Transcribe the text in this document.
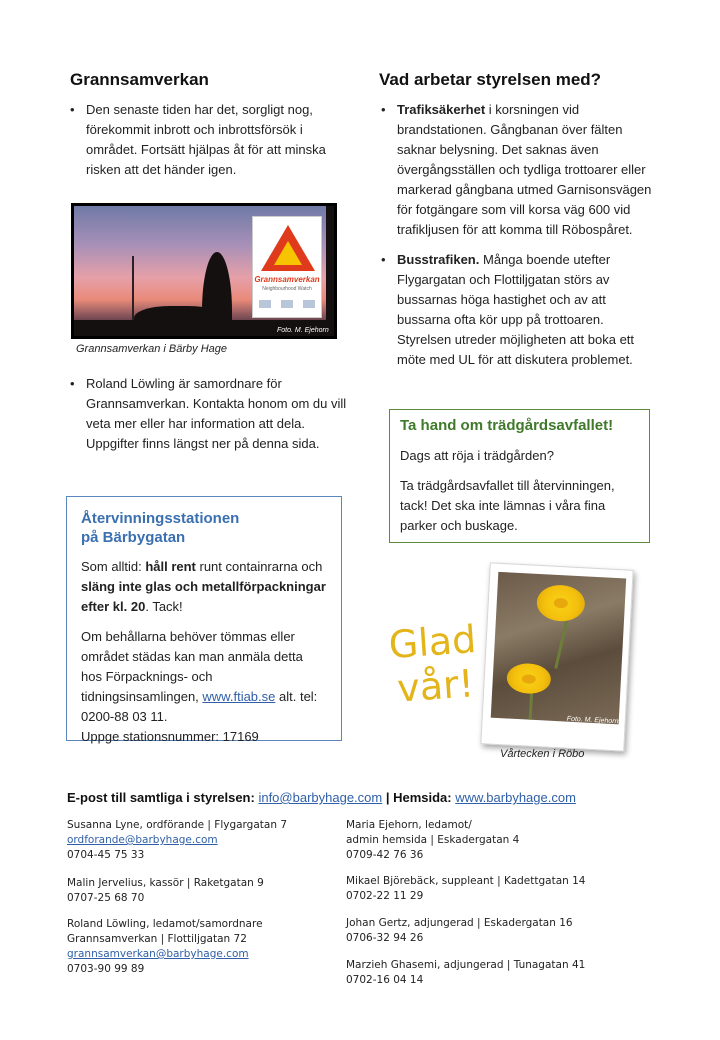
Grannsamverkan
• Den senaste tiden har det, sorgligt nog, förekommit inbrott och inbrottsförsök i området. Fortsätt hjälpas åt för att minska risken att det händer igen.
Grannsamverkan
Neighbourhood Watch
Foto. M. Ejehorn
Grannsamverkan i Bärby Hage
• Roland Löwling är samordnare för Grannsamverkan. Kontakta honom om du vill veta mer eller har information att dela. Uppgifter finns längst ner på denna sida.
Återvinningsstationen
på Bärbygatan

Som alltid: håll rent runt containrarna och släng inte glas och metallförpackningar efter kl. 20. Tack!

Om behållarna behöver tömmas eller området städas kan man anmäla detta hos Förpacknings- och tidningsinsamlingen, www.ftiab.se alt. tel: 0200-88 03 11.
Uppge stationsnummer: 17169

Vad arbetar styrelsen med?
• Trafiksäkerhet i korsningen vid brandstationen. Gångbanan över fälten saknar belysning. Det saknas även övergångsställen och tydliga trottoarer eller markerad gångbana utmed Garnisonsvägen för fotgängare som vill korsa väg 600 vid trafikljusen för att komma till Röbospåret.
• Busstrafiken. Många boende utefter Flygargatan och Flottiljgatan störs av bussarnas höga hastighet och av att bussarna ofta kör upp på trottoaren. Styrelsen utreder möjligheten att boka ett möte med UL för att diskutera problemet.
Ta hand om trädgårdsavfallet!

Dags att röja i trädgården?

Ta trädgårdsavfallet till återvinningen, tack! Det ska inte lämnas i våra fina parker och buskage.

Glad
vår!
Foto. M. Ejehorn
Vårtecken i Röbo
E-post till samtliga i styrelsen: info@barbyhage.com | Hemsida: www.barbyhage.com
Susanna Lyne, ordförande | Flygargatan 7
ordforande@barbyhage.com
0704-45 75 33
Malin Jervelius, kassör | Raketgatan 9
0707-25 68 70
Roland Löwling, ledamot/samordnare
Grannsamverkan | Flottiljgatan 72
grannsamverkan@barbyhage.com
0703-90 99 89
Maria Ejehorn, ledamot/
admin hemsida | Eskadergatan 4
0709-42 76 36
Mikael Björebäck, suppleant | Kadettgatan 14
0702-22 11 29
Johan Gertz, adjungerad | Eskadergatan 16
0706-32 94 26
Marzieh Ghasemi, adjungerad | Tunagatan 41
0702-16 04 14
